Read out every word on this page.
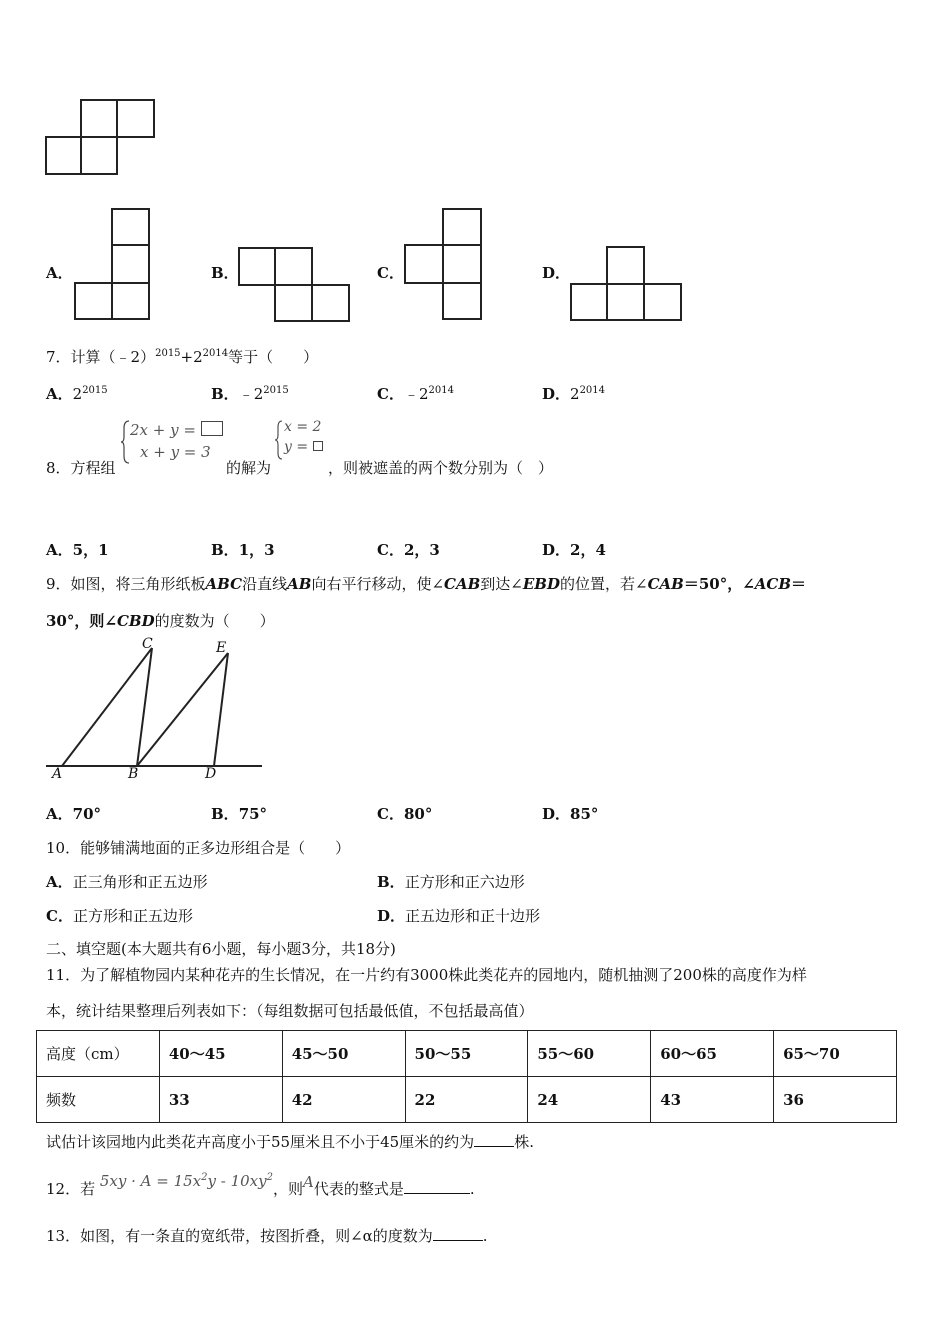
A．	B．	C．	D．
7．计算$(﹣2)^{2015}+2^{2014}$等于（　　）
A．$2^{2015}$	B．$﹣2^{2015}$	C．$﹣2^{2014}$	D．$2^{2014}$
8．方程组
2x + y =
x + y = 3
的解为
x = 2
y =
，则被遮盖的两个数分别为（　）
A．5，1	B．1，3	C．2，3	D．2，4
9．如图，将三角形纸板ABC沿直线AB向右平行移动，使∠CAB到达∠EBD的位置，若∠CAB＝50°，∠ACB＝
30°，则∠CBD的度数为（　　）
C	E
A	B	D
A．70°	B．75°	C．80°	D．85°
10．能够铺满地面的正多边形组合是（　　）
A．正三角形和正五边形	B．正方形和正六边形
C．正方形和正五边形	D．正五边形和正十边形
二、填空题(本大题共有6小题，每小题3分，共18分)
11．为了解植物园内某种花卉的生长情况，在一片约有3000株此类花卉的园地内，随机抽测了200株的高度作为样
本，统计结果整理后列表如下：（每组数据可包括最低值，不包括最高值）
高度（cm）	40～45	45～50	50～55	55～60	60～65	65～70
频数	33	42	22	24	43	36
试估计该园地内此类花卉高度小于55厘米且不小于45厘米的约为	株.
12．若 $5xy \cdot A = 15x^2y - 10xy^2$，则A代表的整式是	.
13．如图，有一条直的宽纸带，按图折叠，则∠α的度数为	.
